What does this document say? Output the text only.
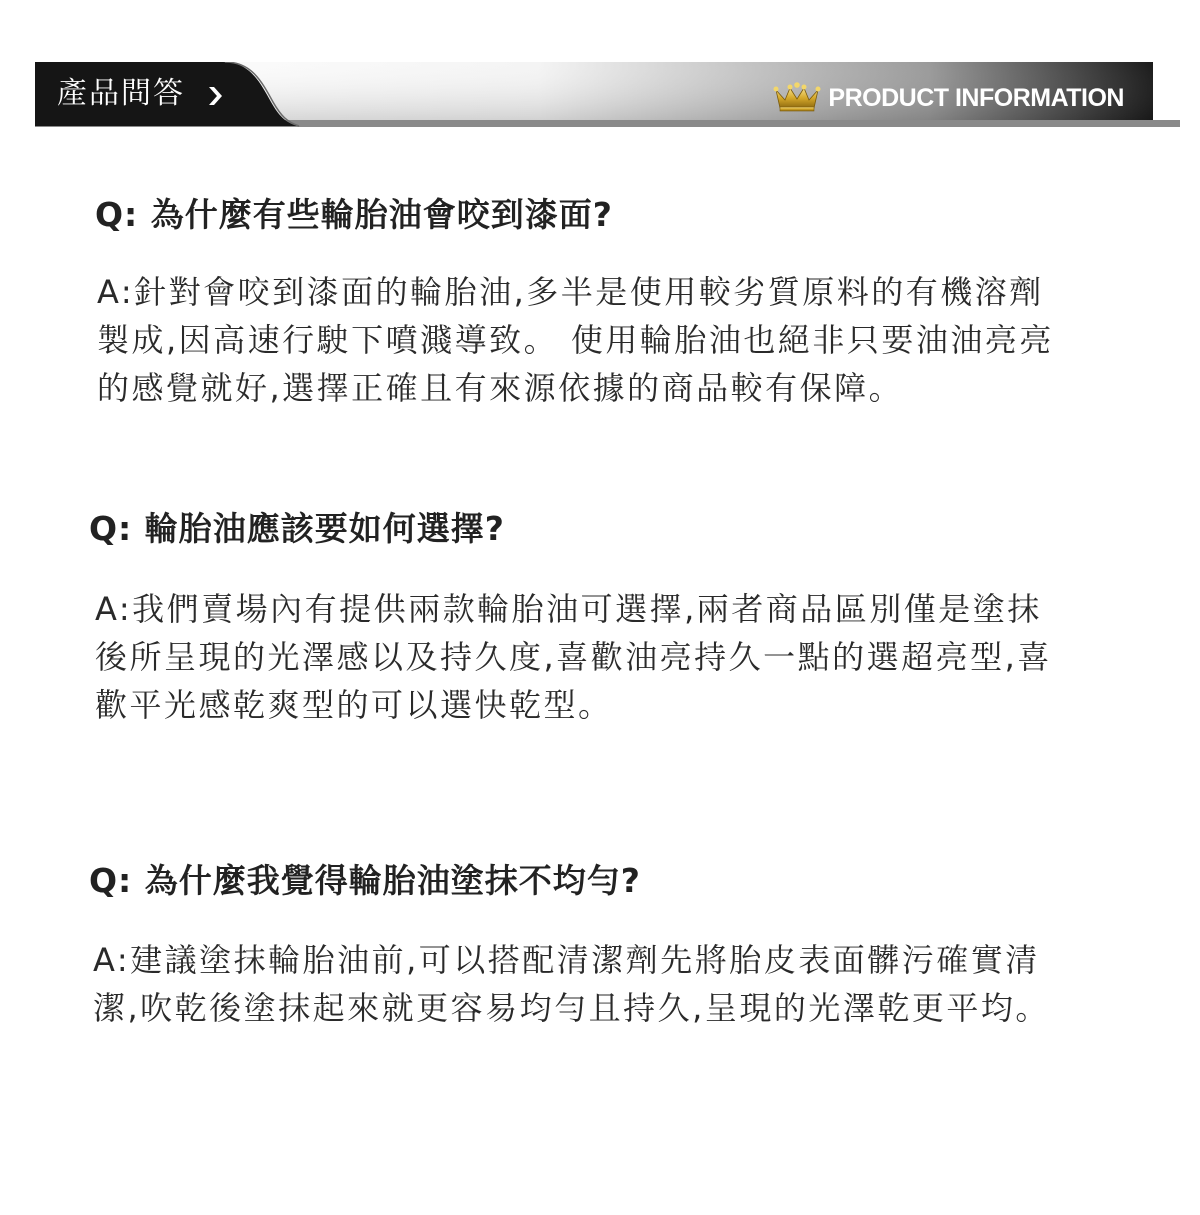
產品問答	PRODUCT INFORMATION
Q: 為什麼有些輪胎油會咬到漆面?
A:針對會咬到漆面的輪胎油,多半是使用較劣質原料的有機溶劑製成,因高速行駛下噴濺導致。 使用輪胎油也絕非只要油油亮亮的感覺就好,選擇正確且有來源依據的商品較有保障。
Q: 輪胎油應該要如何選擇?
A:我們賣場內有提供兩款輪胎油可選擇,兩者商品區別僅是塗抹後所呈現的光澤感以及持久度,喜歡油亮持久一點的選超亮型,喜歡平光感乾爽型的可以選快乾型。
Q: 為什麼我覺得輪胎油塗抹不均勻?
A:建議塗抹輪胎油前,可以搭配清潔劑先將胎皮表面髒污確實清潔,吹乾後塗抹起來就更容易均勻且持久,呈現的光澤乾更平均。
